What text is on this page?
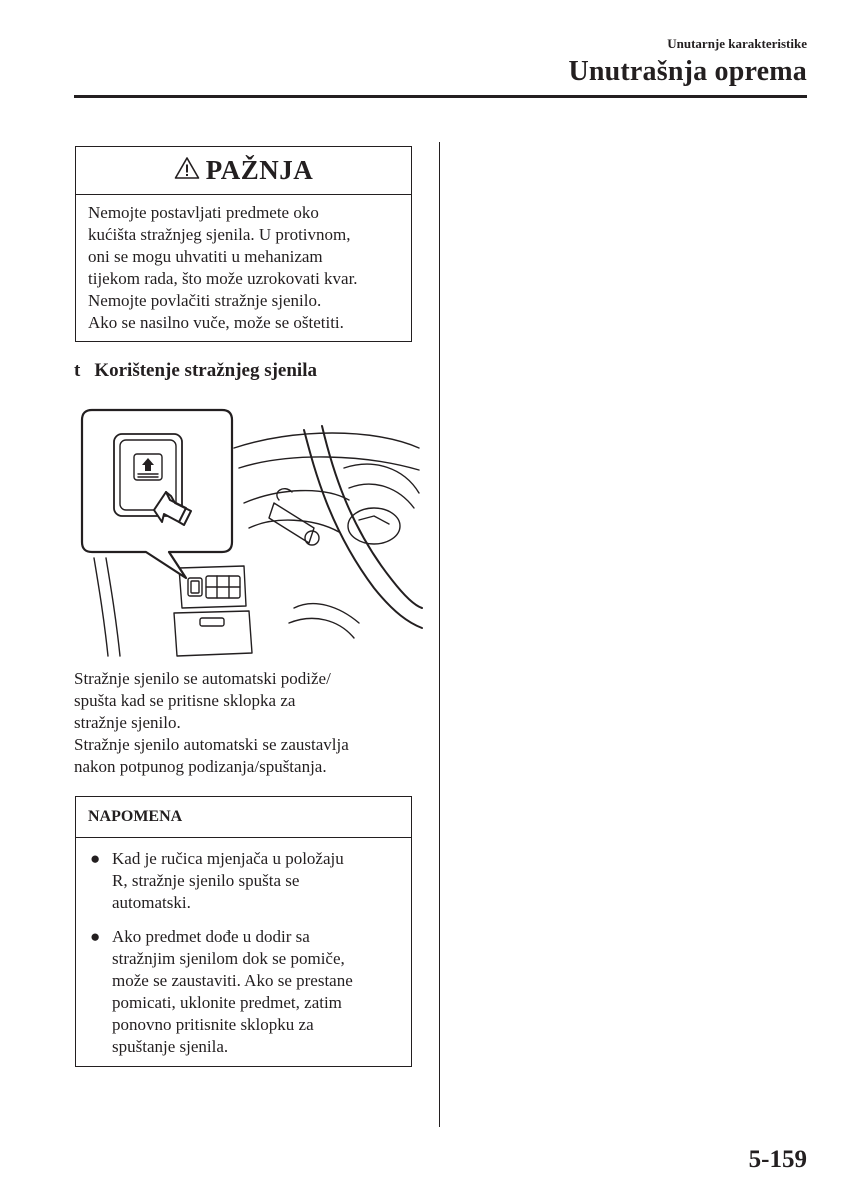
Unutarnje karakteristike
Unutrašnja oprema
PAŽNJA
Nemojte postavljati predmete oko
kućišta stražnjeg sjenila. U protivnom,
oni se mogu uhvatiti u mehanizam
tijekom rada, što može uzrokovati kvar.
Nemojte povlačiti stražnje sjenilo.
Ako se nasilno vuče, može se oštetiti.
t Korištenje stražnjeg sjenila
Stražnje sjenilo se automatski podiže/
spušta kad se pritisne sklopka za
stražnje sjenilo.
Stražnje sjenilo automatski se zaustavlja
nakon potpunog podizanja/spuštanja.
NAPOMENA
● Kad je ručica mjenjača u položaju
R, stražnje sjenilo spušta se
automatski.
● Ako predmet dođe u dodir sa
stražnjim sjenilom dok se pomiče,
može se zaustaviti. Ako se prestane
pomicati, uklonite predmet, zatim
ponovno pritisnite sklopku za
spuštanje sjenila.
5-159
